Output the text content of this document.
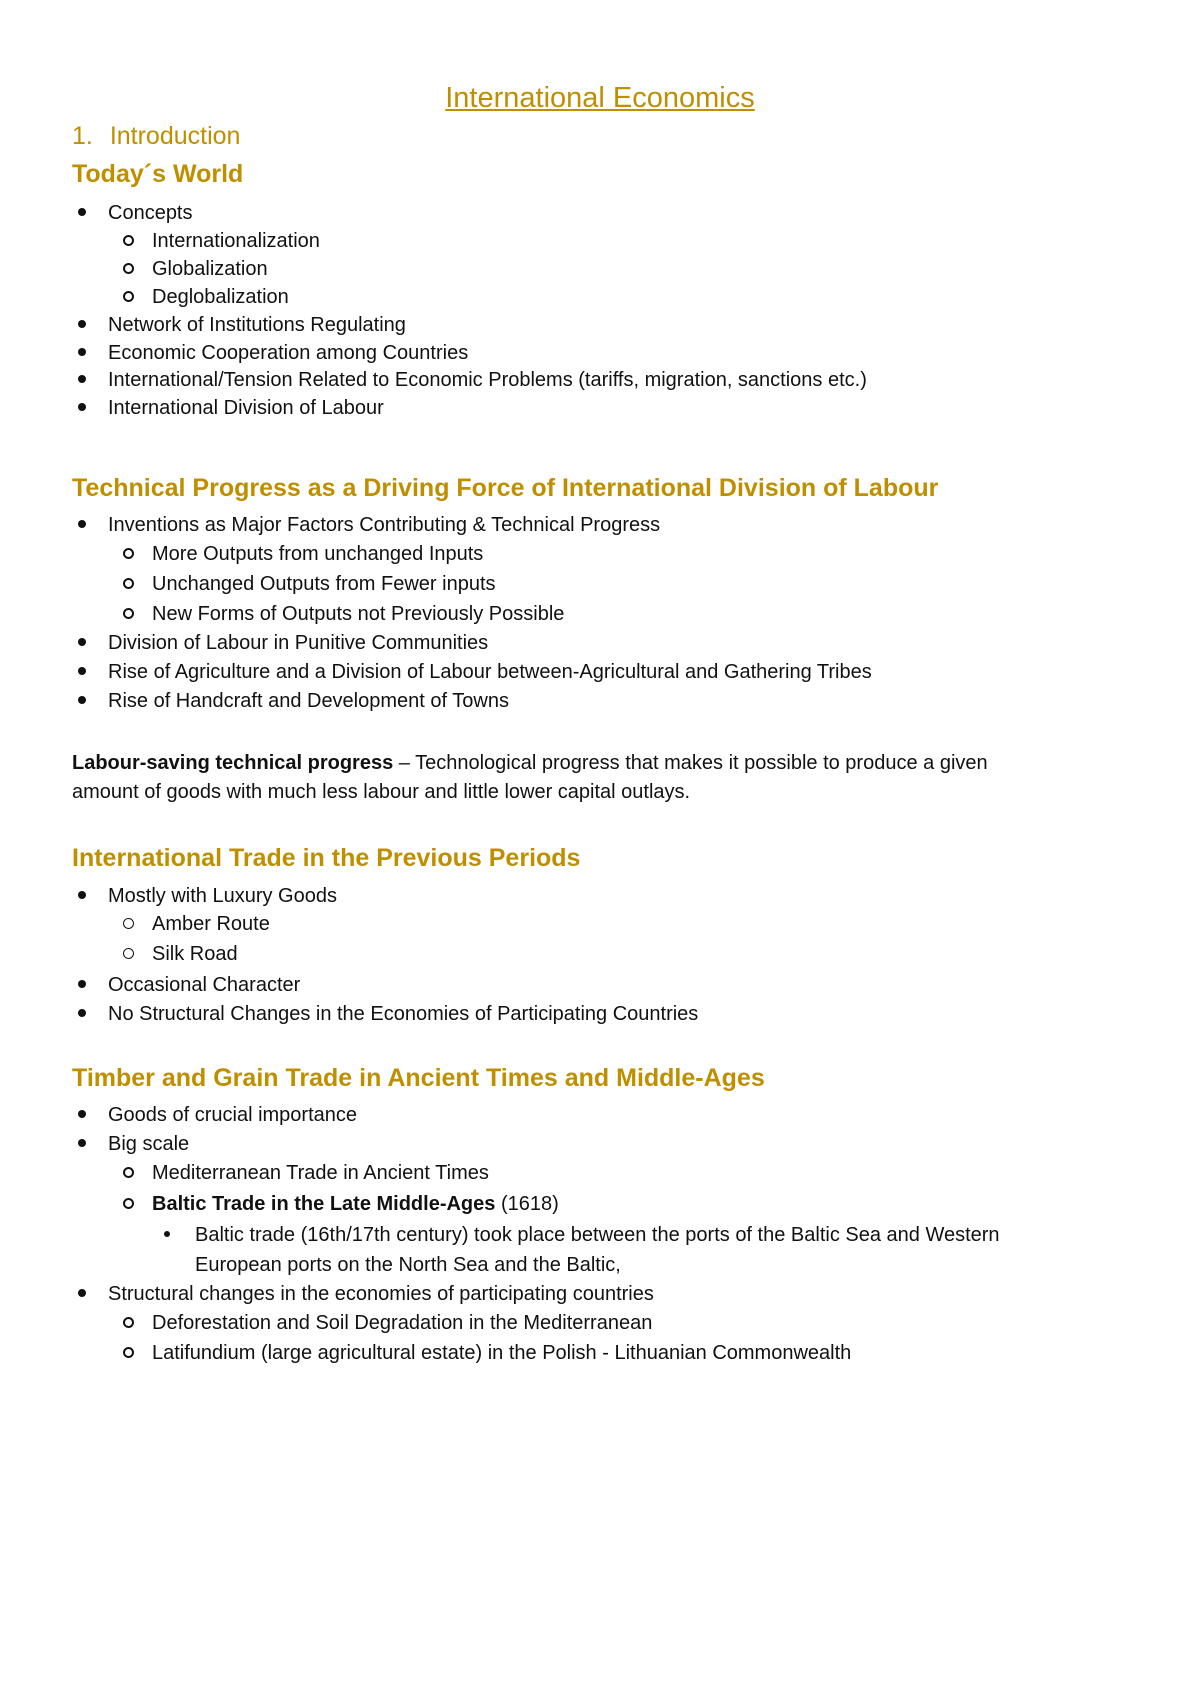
International Economics
1. Introduction
Today´s World
Concepts
Internationalization
Globalization
Deglobalization
Network of Institutions Regulating
Economic Cooperation among Countries
International/Tension Related to Economic Problems (tariffs, migration, sanctions etc.)
International Division of Labour
Technical Progress as a Driving Force of International Division of Labour
Inventions as Major Factors Contributing & Technical Progress
More Outputs from unchanged Inputs
Unchanged Outputs from Fewer inputs
New Forms of Outputs not Previously Possible
Division of Labour in Punitive Communities
Rise of Agriculture and a Division of Labour between-Agricultural and Gathering Tribes
Rise of Handcraft and Development of Towns
Labour-saving technical progress – Technological progress that makes it possible to produce a given
amount of goods with much less labour and little lower capital outlays.
International Trade in the Previous Periods
Mostly with Luxury Goods
Amber Route
Silk Road
Occasional Character
No Structural Changes in the Economies of Participating Countries
Timber and Grain Trade in Ancient Times and Middle-Ages
Goods of crucial importance
Big scale
Mediterranean Trade in Ancient Times
Baltic Trade in the Late Middle-Ages (1618)
Baltic trade (16th/17th century) took place between the ports of the Baltic Sea and Western
European ports on the North Sea and the Baltic,
Structural changes in the economies of participating countries
Deforestation and Soil Degradation in the Mediterranean
Latifundium (large agricultural estate) in the Polish - Lithuanian Commonwealth
